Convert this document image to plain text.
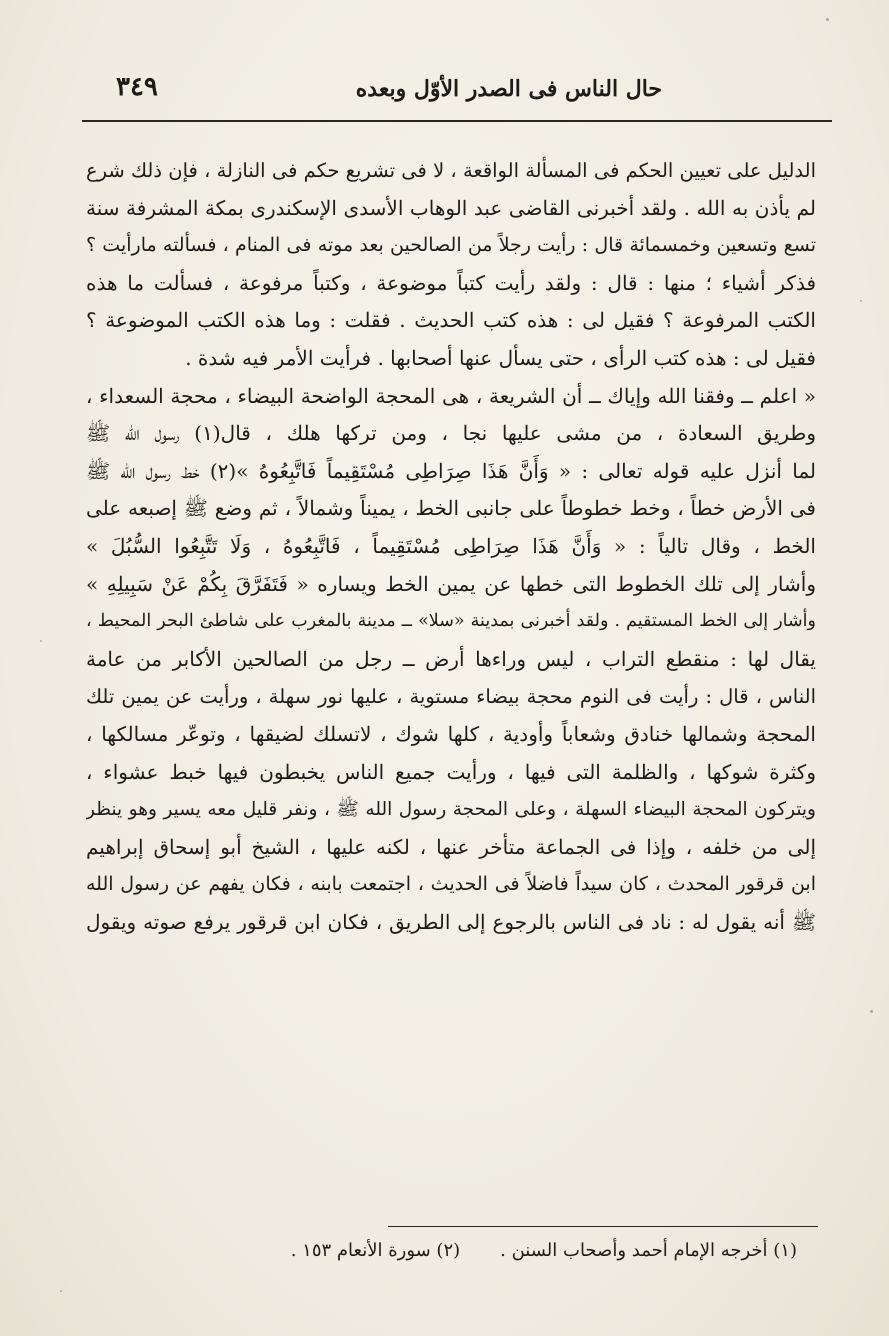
حال الناس فى الصدر الأوّل وبعده
٣٤٩
الدليل على تعيين الحكم فى المسألة الواقعة ، لا فى تشريع حكم فى النازلة ، فإن ذلك شرع
لم يأذن به الله . ولقد أخبرنى القاضى عبد الوهاب الأسدى الإسكندرى بمكة المشرفة سنة
تسع وتسعين وخمسمائة قال : رأيت رجلاً من الصالحين بعد موته فى المنام ، فسألته مارأيت ؟
فذكر أشياء ؛ منها : قال : ولقد رأيت كتباً موضوعة ، وكتباً مرفوعة ، فسألت ما هذه
الكتب المرفوعة ؟ فقيل لى : هذه كتب الحديث . فقلت : وما هذه الكتب الموضوعة ؟
فقيل لى : هذه كتب الرأى ، حتى يسأل عنها أصحابها . فرأيت الأمر فيه شدة .
« اعلم ــ وفقنا الله وإياك ــ أن الشريعة ، هى المحجة الواضحة البيضاء ، محجة السعداء ،
وطريق السعادة ، من مشى عليها نجا ، ومن تركها هلك ، قال(١) رسول الله ﷺ
لما أنزل عليه قوله تعالى : « وَأَنَّ هَذَا صِرَاطِى مُسْتَقِيماً فَاتَّبِعُوهُ »(٢) خط رسول الله ﷺ
فى الأرض خطاً ، وخط خطوطاً على جانبى الخط ، يميناً وشمالاً ، ثم وضع ﷺ إصبعه على
الخط ، وقال تالياً : « وَأَنَّ هَذَا صِرَاطِى مُسْتَقِيماً ، فَاتَّبِعُوهُ ، وَلَا تَتَّبِعُوا السُّبُلَ »
وأشار إلى تلك الخطوط التى خطها عن يمين الخط ويساره « فَتَفَرَّقَ بِكُمْ عَنْ سَبِيلِهِ »
وأشار إلى الخط المستقيم . ولقد أخبرنى بمدينة «سلا» ــ مدينة بالمغرب على شاطئ البحر المحيط ،
يقال لها : منقطع التراب ، ليس وراءها أرض ــ رجل من الصالحين الأكابر من عامة
الناس ، قال : رأيت فى النوم محجة بيضاء مستوية ، عليها نور سهلة ، ورأيت عن يمين تلك
المحجة وشمالها خنادق وشعاباً وأودية ، كلها شوك ، لاتسلك لضيقها ، وتوعّر مسالكها ،
وكثرة شوكها ، والظلمة التى فيها ، ورأيت جميع الناس يخبطون فيها خبط عشواء ،
ويتركون المحجة البيضاء السهلة ، وعلى المحجة رسول الله ﷺ ، ونفر قليل معه يسير وهو ينظر
إلى من خلفه ، وإذا فى الجماعة متأخر عنها ، لكنه عليها ، الشيخ أبو إسحاق إبراهيم
ابن قرقور المحدث ، كان سيداً فاضلاً فى الحديث ، اجتمعت بابنه ، فكان يفهم عن رسول الله
ﷺ أنه يقول له : ناد فى الناس بالرجوع إلى الطريق ، فكان ابن قرقور يرفع صوته ويقول
(١) أخرجه الإمام أحمد وأصحاب السنن .
(٢) سورة الأنعام ١٥٣ .
